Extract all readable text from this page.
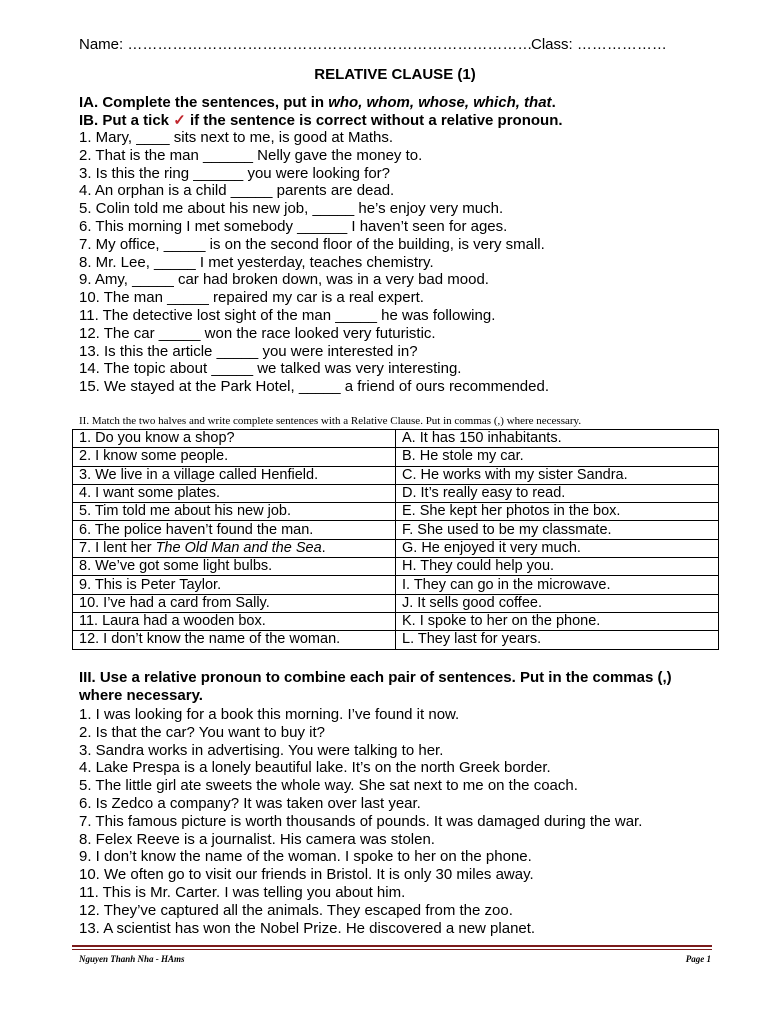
Name: ………………………………………………………………………
Class: ………………
RELATIVE CLAUSE (1)
IA. Complete the sentences, put in who, whom, whose, which, that.
IB. Put a tick ✓ if the sentence is correct without a relative pronoun.
1. Mary, ____ sits next to me, is good at Maths.
2. That is the man ______ Nelly gave the money to.
3. Is this the ring ______ you were looking for?
4. An orphan is a child _____ parents are dead.
5. Colin told me about his new job, _____ he’s enjoy very much.
6. This morning I met somebody ______ I haven’t seen for ages.
7. My office, _____ is on the second floor of the building, is very small.
8. Mr. Lee, _____ I met yesterday, teaches chemistry.
9. Amy, _____ car had broken down, was in a very bad mood.
10. The man _____ repaired my car is a real expert.
11. The detective lost sight of the man _____ he was following.
12. The car _____ won the race looked very futuristic.
13. Is this the article _____ you were interested in?
14. The topic about _____ we talked was very interesting.
15. We stayed at the Park Hotel, _____ a friend of ours recommended.
II. Match the two halves and write complete sentences with a Relative Clause. Put in commas (,) where necessary.
1. Do you know a shop?	A. It has 150 inhabitants.
2. I know some people.	B. He stole my car.
3. We live in a village called Henfield.	C. He works with my sister Sandra.
4. I want some plates.	D. It’s really easy to read.
5. Tim told me about his new job.	E. She kept her photos in the box.
6. The police haven’t found the man.	F. She used to be my classmate.
7. I lent her The Old Man and the Sea.	G. He enjoyed it very much.
8. We’ve got some light bulbs.	H. They could help you.
9. This is Peter Taylor.	I. They can go in the microwave.
10. I’ve had a card from Sally.	J. It sells good coffee.
11. Laura had a wooden box.	K. I spoke to her on the phone.
12. I don’t know the name of the woman.	L. They last for years.
III. Use a relative pronoun to combine each pair of sentences. Put in the commas (,) where necessary.
1. I was looking for a book this morning. I’ve found it now.
2. Is that the car? You want to buy it?
3. Sandra works in advertising. You were talking to her.
4. Lake Prespa is a lonely beautiful lake. It’s on the north Greek border.
5. The little girl ate sweets the whole way. She sat next to me on the coach.
6. Is Zedco a company? It was taken over last year.
7. This famous picture is worth thousands of pounds. It was damaged during the war.
8. Felex Reeve is a journalist. His camera was stolen.
9. I don’t know the name of the woman. I spoke to her on the phone.
10. We often go to visit our friends in Bristol. It is only 30 miles away.
11. This is Mr. Carter. I was telling you about him.
12. They’ve captured all the animals. They escaped from the zoo.
13. A scientist has won the Nobel Prize. He discovered a new planet.
Nguyen Thanh Nha - HAms	Page 1
